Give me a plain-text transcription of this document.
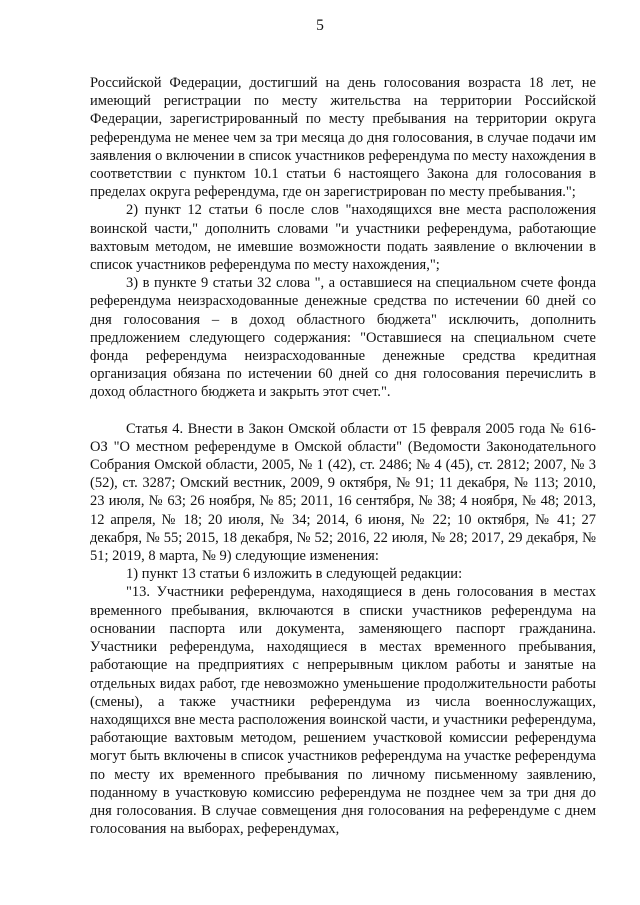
5

Российской Федерации, достигший на день голосования возраста 18 лет, не имеющий регистрации по месту жительства на территории Российской Федерации, зарегистрированный по месту пребывания на территории округа референдума не менее чем за три месяца до дня голосования, в случае подачи им заявления о включении в список участников референдума по месту нахождения в соответствии с пунктом 10.1 статьи 6 настоящего Закона для голосования в пределах округа референдума, где он зарегистрирован по месту пребывания.";

2) пункт 12 статьи 6 после слов "находящихся вне места расположения воинской части," дополнить словами "и участники референдума, работающие вахтовым методом, не имевшие возможности подать заявление о включении в список участников референдума по месту нахождения,";

3) в пункте 9 статьи 32 слова ", а оставшиеся на специальном счете фонда референдума неизрасходованные денежные средства по истечении 60 дней со дня голосования – в доход областного бюджета" исключить, дополнить предложением следующего содержания: "Оставшиеся на специальном счете фонда референдума неизрасходованные денежные средства кредитная организация обязана по истечении 60 дней со дня голосования перечислить в доход областного бюджета и закрыть этот счет.".

Статья 4. Внести в Закон Омской области от 15 февраля 2005 года № 616-ОЗ "О местном референдуме в Омской области" (Ведомости Законодательного Собрания Омской области, 2005, № 1 (42), ст. 2486; № 4 (45), ст. 2812; 2007, № 3 (52), ст. 3287; Омский вестник, 2009, 9 октября, № 91; 11 декабря, № 113; 2010, 23 июля, № 63; 26 ноября, № 85; 2011, 16 сентября, № 38; 4 ноября, № 48; 2013, 12 апреля, № 18; 20 июля, № 34; 2014, 6 июня, № 22; 10 октября, № 41; 27 декабря, № 55; 2015, 18 декабря, № 52; 2016, 22 июля, № 28; 2017, 29 декабря, № 51; 2019, 8 марта, № 9) следующие изменения:

1) пункт 13 статьи 6 изложить в следующей редакции:

"13. Участники референдума, находящиеся в день голосования в местах временного пребывания, включаются в списки участников референдума на основании паспорта или документа, заменяющего паспорт гражданина. Участники референдума, находящиеся в местах временного пребывания, работающие на предприятиях с непрерывным циклом работы и занятые на отдельных видах работ, где невозможно уменьшение продолжительности работы (смены), а также участники референдума из числа военнослужащих, находящихся вне места расположения воинской части, и участники референдума, работающие вахтовым методом, решением участковой комиссии референдума могут быть включены в список участников референдума на участке референдума по месту их временного пребывания по личному письменному заявлению, поданному в участковую комиссию референдума не позднее чем за три дня до дня голосования. В случае совмещения дня голосования на референдуме с днем голосования на выборах, референдумах,
